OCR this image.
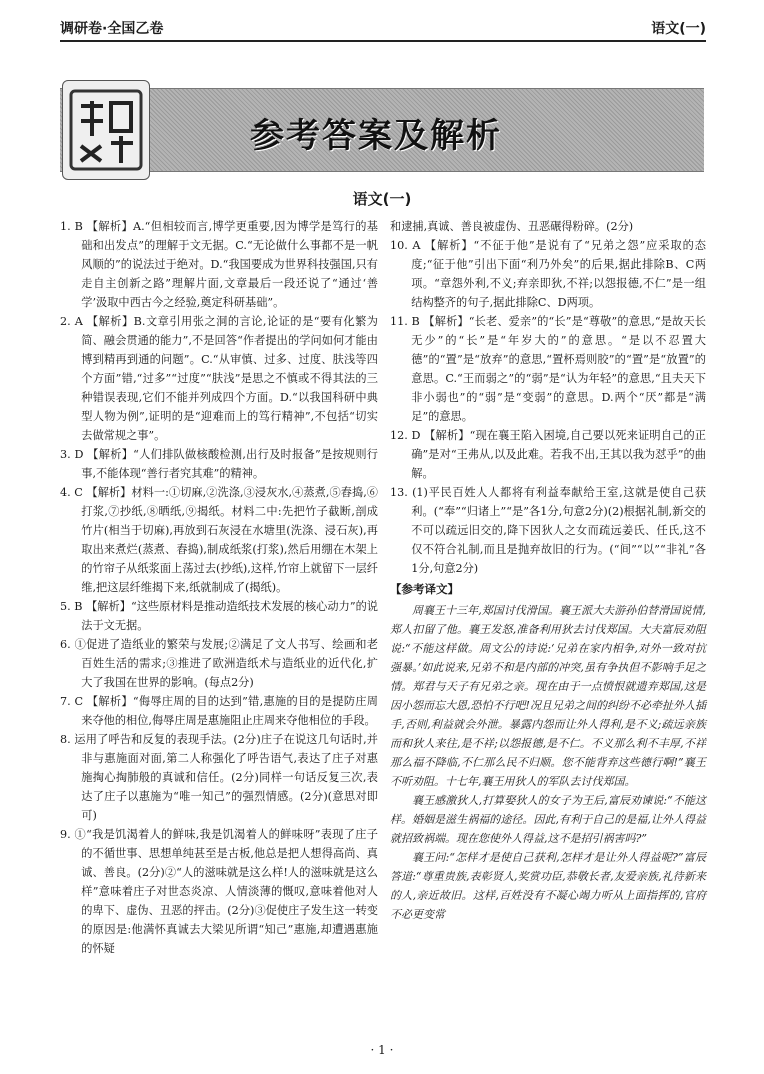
调研卷·全国乙卷	语文(一)
参考答案及解析
语文(一)

1. B 【解析】A.“但相较而言,博学更重要,因为博学是笃行的基础和出发点”的理解于文无据。C.“无论做什么事都不是一帆风顺的”的说法过于绝对。D.“我国要成为世界科技强国,只有走自主创新之路”理解片面,文章最后一段还说了“通过‘善学’汲取中西古今之经验,奠定科研基础”。

2. A 【解析】B.文章引用张之洞的言论,论证的是“要有化繁为简、融会贯通的能力”,不是回答“作者提出的学问如何才能由博到精再到通的问题”。C.“从审慎、过多、过度、肤浅等四个方面”错,“过多”“过度”“肤浅”是思之不慎或不得其法的三种错误表现,它们不能并列成四个方面。D.“以我国科研中典型人物为例”,证明的是“迎难而上的笃行精神”,不包括“切实去做常规之事”。

3. D 【解析】“人们排队做核酸检测,出行及时报备”是按规则行事,不能体现“善行者究其难”的精神。

4. C 【解析】材料一:①切麻,②洗涤,③浸灰水,④蒸煮,⑤舂捣,⑥打浆,⑦抄纸,⑧晒纸,⑨揭纸。材料二中:先把竹子截断,剖成竹片(相当于切麻),再放到石灰浸在水塘里(洗涤、浸石灰),再取出来煮烂(蒸煮、舂捣),制成纸浆(打浆),然后用绷在木架上的竹帘子从纸浆面上荡过去(抄纸),这样,竹帘上就留下一层纤维,把这层纤维揭下来,纸就制成了(揭纸)。

5. B 【解析】“这些原材料是推动造纸技术发展的核心动力”的说法于文无据。

6. ①促进了造纸业的繁荣与发展;②满足了文人书写、绘画和老百姓生活的需求;③推进了欧洲造纸术与造纸业的近代化,扩大了我国在世界的影响。(每点2分)

7. C 【解析】“侮辱庄周的目的达到”错,惠施的目的是提防庄周来夺他的相位,侮辱庄周是惠施阻止庄周来夺他相位的手段。

8. 运用了呼告和反复的表现手法。(2分)庄子在说这几句话时,并非与惠施面对面,第二人称强化了呼告语气,表达了庄子对惠施掏心掏肺般的真诚和信任。(2分)同样一句话反复三次,表达了庄子以惠施为“唯一知己”的强烈情感。(2分)(意思对即可)

9. ①“我是饥渴着人的鲜味,我是饥渴着人的鲜味呀”表现了庄子的不循世事、思想单纯甚至是古板,他总是把人想得高尚、真诚、善良。(2分)②“人的滋味就是这么样!人的滋味就是这么样”意味着庄子对世态炎凉、人情淡薄的慨叹,意味着他对人的卑下、虚伪、丑恶的抨击。(2分)③促使庄子发生这一转变的原因是:他满怀真诚去大梁见所谓“知己”惠施,却遭遇惠施的怀疑

和逮捕,真诚、善良被虚伪、丑恶碾得粉碎。(2分)

10. A 【解析】“不征于他”是说有了“兄弟之怨”应采取的态度;“征于他”引出下面“利乃外矣”的后果,据此排除B、C两项。“章怨外利,不义;弃亲即狄,不祥;以怨报德,不仁”是一组结构整齐的句子,据此排除C、D两项。

11. B 【解析】“长老、爱亲”的“长”是“尊敬”的意思,“是故天长无少”的“长”是“年岁大的”的意思。“是以不忍置大德”的“置”是“放弃”的意思,“置杯焉则胶”的“置”是“放置”的意思。C.“王而弱之”的“弱”是“认为年轻”的意思,“且夫天下非小弱也”的“弱”是“变弱”的意思。D.两个“厌”都是“满足”的意思。

12. D 【解析】“现在襄王陷入困境,自己要以死来证明自己的正确”是对“王弗从,以及此难。若我不出,王其以我为怼乎”的曲解。

13. (1)平民百姓人人都将有利益奉献给王室,这就是使自己获利。(“奉”“归诸上”“是”各1分,句意2分)(2)根据礼制,新交的不可以疏远旧交的,降下因狄人之女而疏远姜氏、任氏,这不仅不符合礼制,而且是抛弃故旧的行为。(“间”“以”“非礼”各1分,句意2分)

【参考译文】

周襄王十三年,郑国讨伐滑国。襄王派大夫游孙伯替滑国说情,郑人扣留了他。襄王发怒,准备利用狄去讨伐郑国。大夫富辰劝阻说:“不能这样做。周文公的诗说:‘兄弟在家内相争,对外一致对抗强暴。’如此说来,兄弟不和是内部的冲突,虽有争执但不影响手足之情。郑君与天子有兄弟之亲。现在由于一点愤恨就遗弃郑国,这是因小怨而忘大恩,恐怕不行吧!况且兄弟之间的纠纷不必牵扯外人插手,否则,利益就会外泄。暴露内怨而让外人得利,是不义;疏远亲族而和狄人来往,是不祥;以怨报德,是不仁。不义那么利不丰厚,不祥那么福不降临,不仁那么民不归顺。您不能背弃这些德行啊!”襄王不听劝阻。十七年,襄王用狄人的军队去讨伐郑国。

襄王感激狄人,打算娶狄人的女子为王后,富辰劝谏说:“不能这样。婚姻是滋生祸福的途径。因此,有利于自己的是福,让外人得益就招致祸端。现在您使外人得益,这不是招引祸害吗?”

襄王问:“怎样才是使自己获利,怎样才是让外人得益呢?”富辰答道:“尊重贵族,表彰贤人,奖赏功臣,恭敬长者,友爱亲族,礼待新来的人,亲近故旧。这样,百姓没有不凝心竭力听从上面指挥的,官府不必更变常

· 1 ·
